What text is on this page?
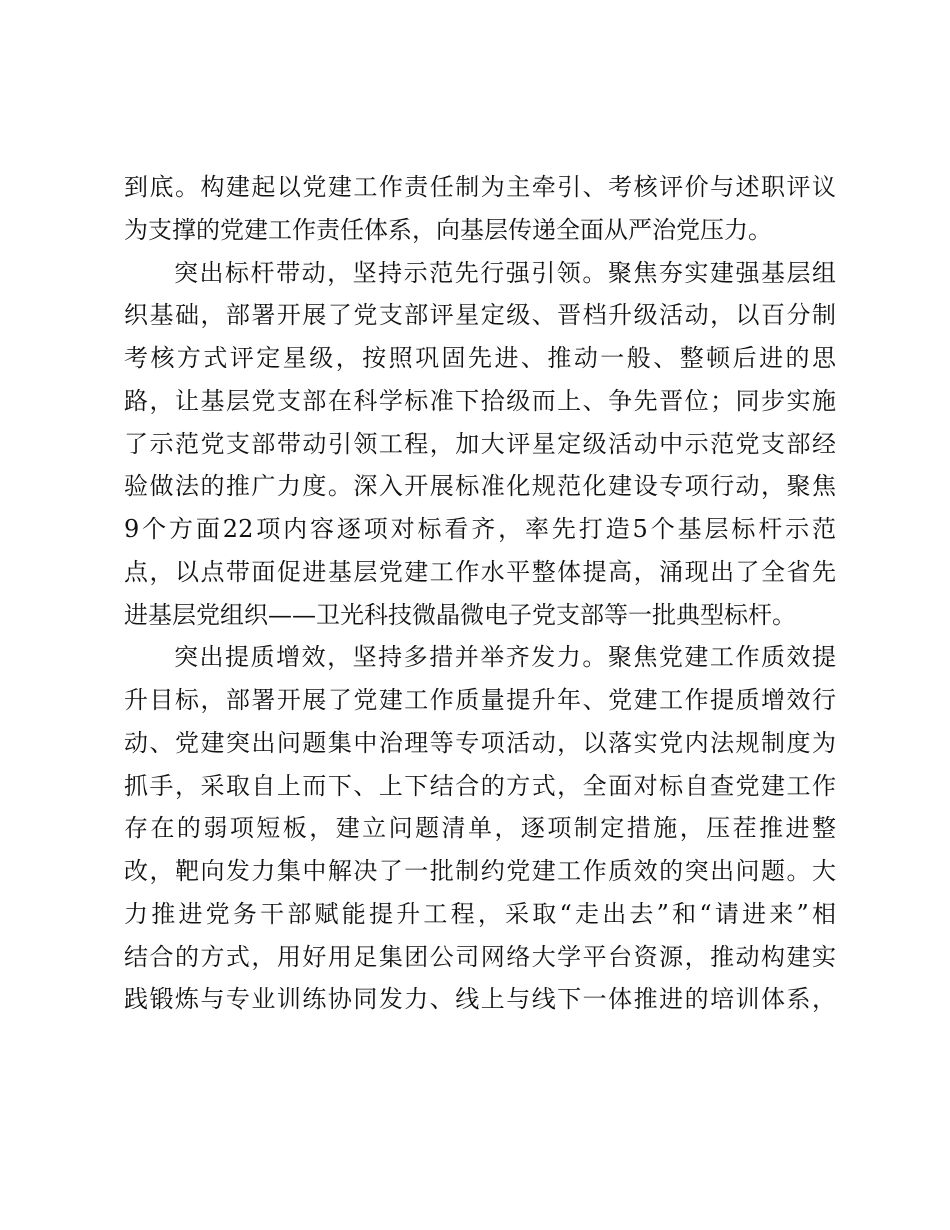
到底。构建起以党建工作责任制为主牵引、考核评价与述职评议
为支撑的党建工作责任体系，向基层传递全面从严治党压力。
突出标杆带动，坚持示范先行强引领。聚焦夯实建强基层组
织基础，部署开展了党支部评星定级、晋档升级活动，以百分制
考核方式评定星级，按照巩固先进、推动一般、整顿后进的思
路，让基层党支部在科学标准下拾级而上、争先晋位；同步实施
了示范党支部带动引领工程，加大评星定级活动中示范党支部经
验做法的推广力度。深入开展标准化规范化建设专项行动，聚焦
9个方面22项内容逐项对标看齐，率先打造5个基层标杆示范
点，以点带面促进基层党建工作水平整体提高，涌现出了全省先
进基层党组织——卫光科技微晶微电子党支部等一批典型标杆。
突出提质增效，坚持多措并举齐发力。聚焦党建工作质效提
升目标，部署开展了党建工作质量提升年、党建工作提质增效行
动、党建突出问题集中治理等专项活动，以落实党内法规制度为
抓手，采取自上而下、上下结合的方式，全面对标自查党建工作
存在的弱项短板，建立问题清单，逐项制定措施，压茬推进整
改，靶向发力集中解决了一批制约党建工作质效的突出问题。大
力推进党务干部赋能提升工程，采取“走出去”和“请进来”相
结合的方式，用好用足集团公司网络大学平台资源，推动构建实
践锻炼与专业训练协同发力、线上与线下一体推进的培训体系，
